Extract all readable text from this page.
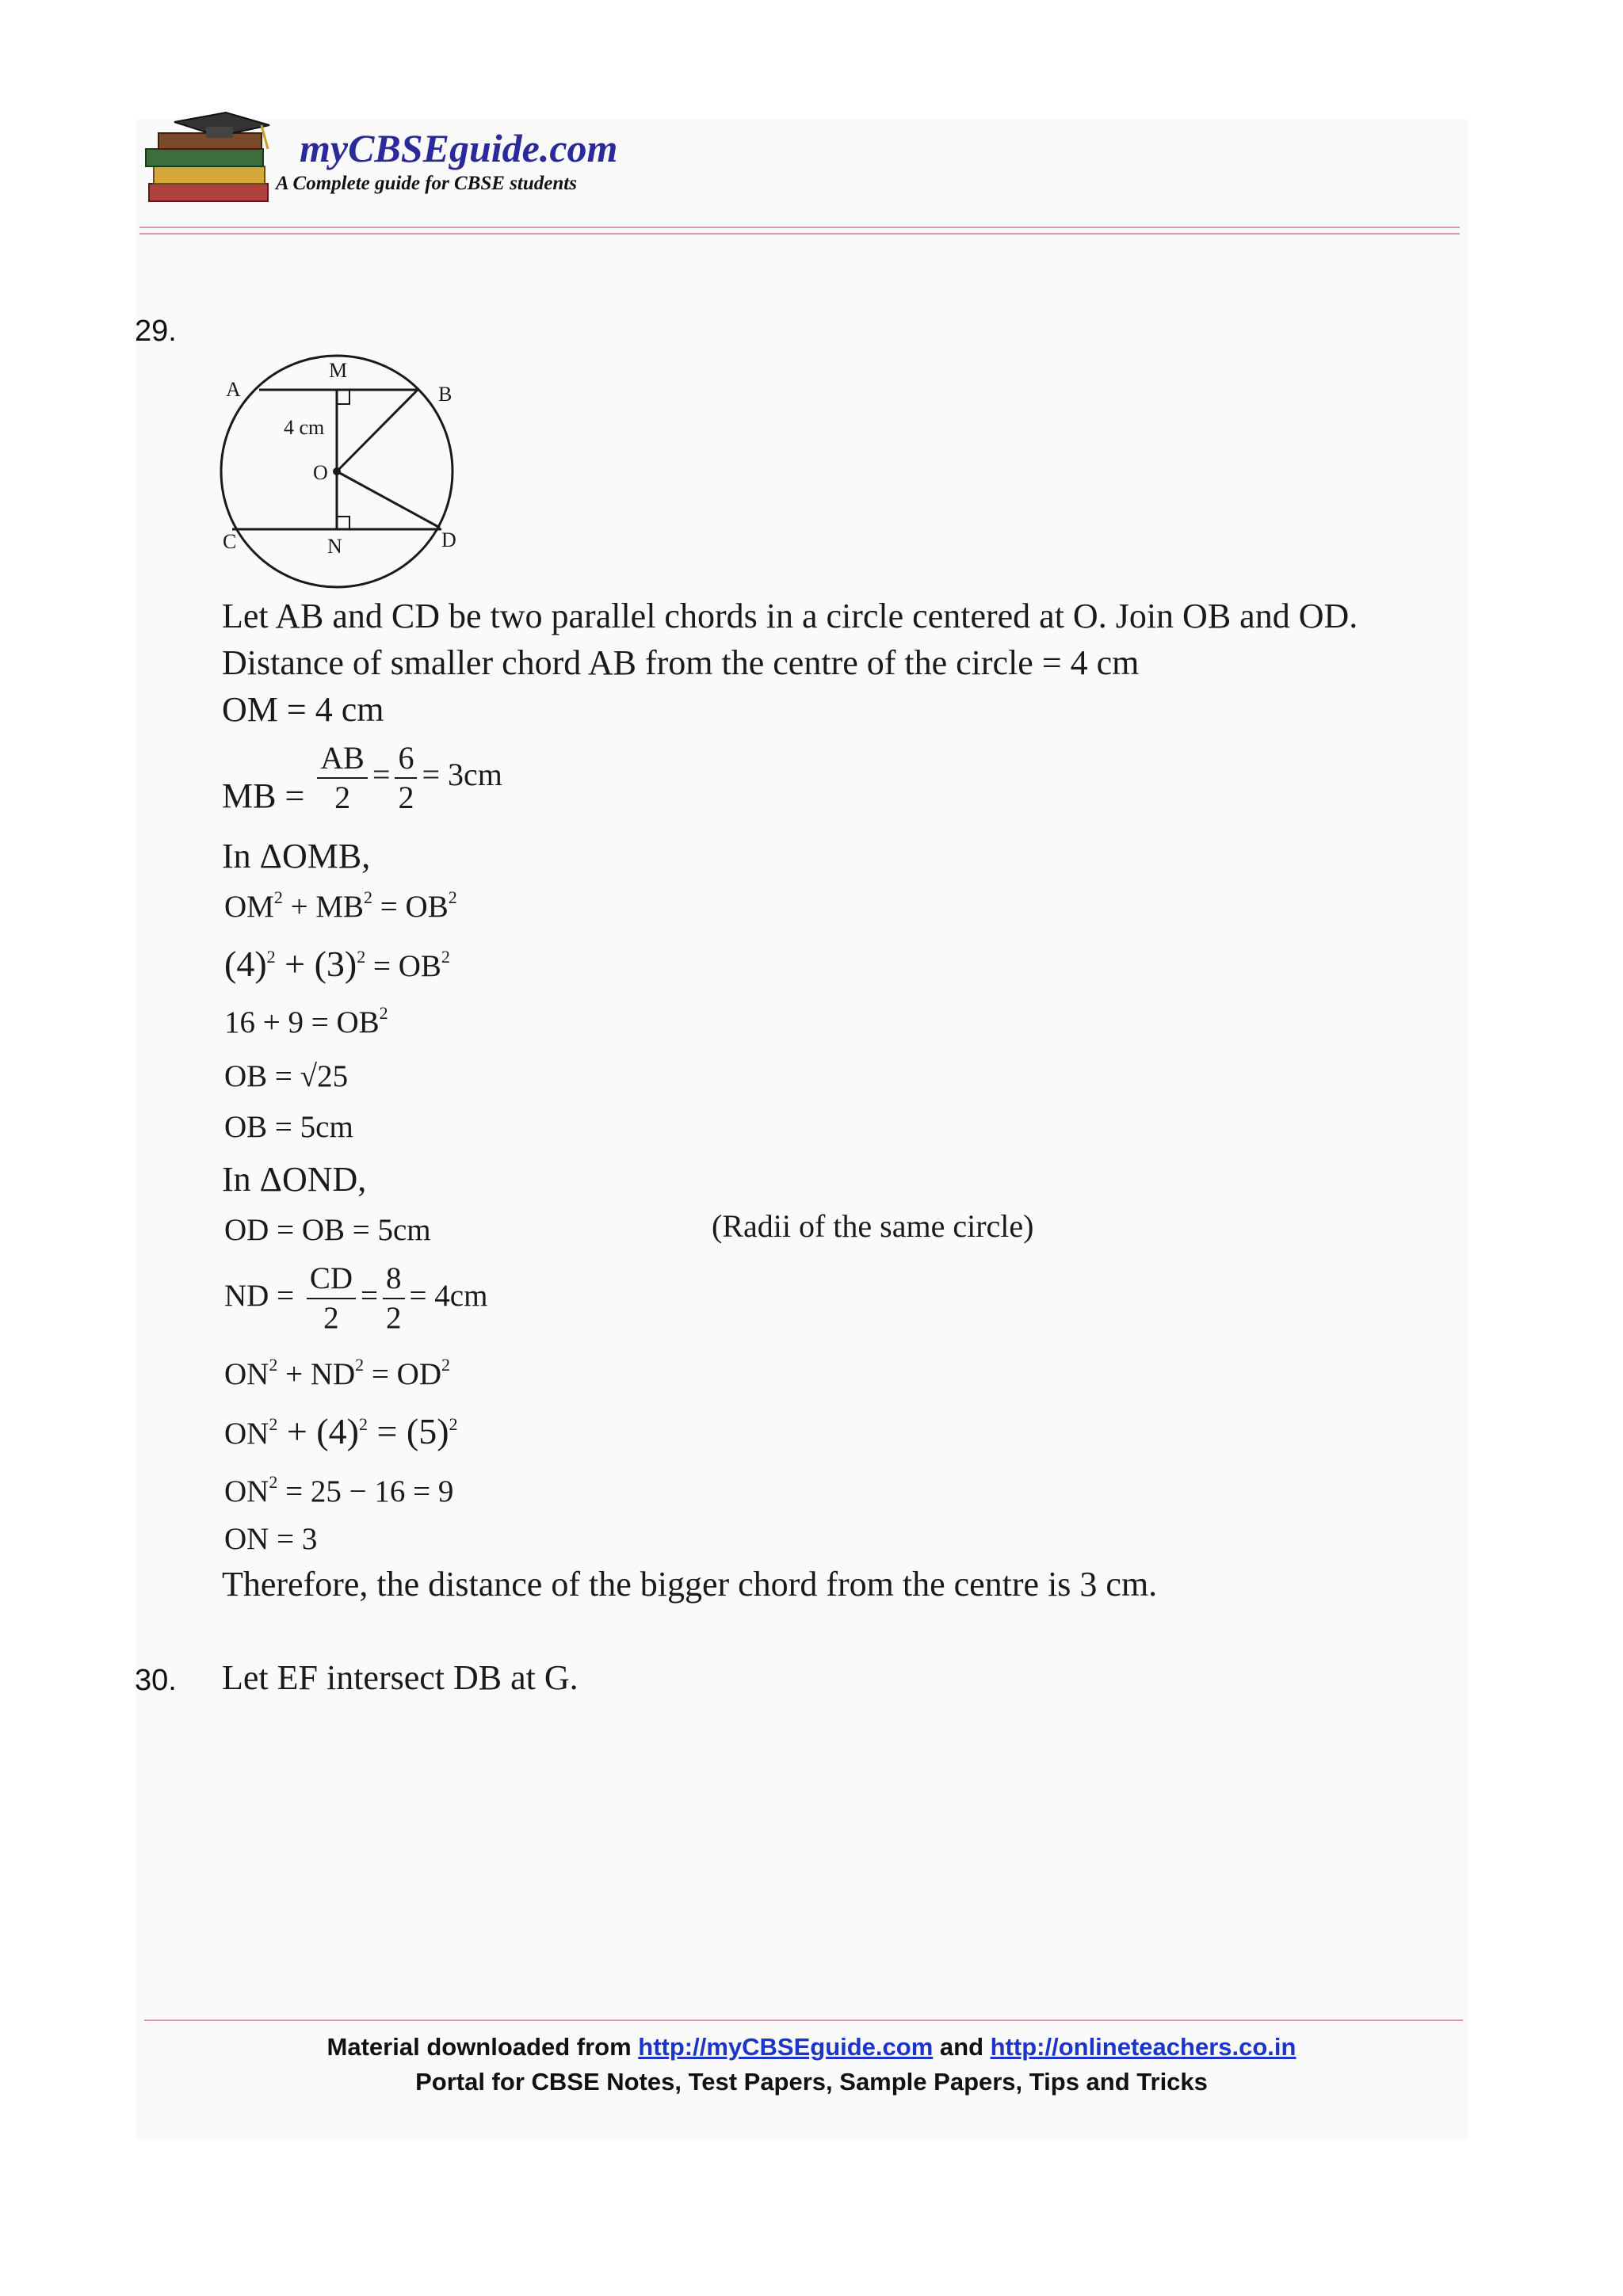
myCBSEguide.com
A Complete guide for CBSE students
29.
A
M
B
4 cm
O
C	N	D
Let AB and CD be two parallel chords in a circle centered at O. Join OB and OD.
Distance of smaller chord AB from the centre of the circle = 4 cm
OM = 4 cm
MB = $\frac{AB}{2} = \frac{6}{2} = 3cm$
In ΔOMB,
$OM^2 + MB^2 = OB^2$
$(4)^2 + (3)^2 = OB^2$
$16 + 9 = OB^2$
OB = √25
OB = 5cm
In ΔOND,
OD = OB = 5cm	(Radii of the same circle)
ND = $\frac{CD}{2} = \frac{8}{2} = 4cm$
$ON^2 + ND^2 = OD^2$
$ON^2 + (4)^2 = (5)^2$
$ON^2 = 25 - 16 = 9$
ON = 3
Therefore, the distance of the bigger chord from the centre is 3 cm.
30. Let EF intersect DB at G.
Material downloaded from http://myCBSEguide.com and http://onlineteachers.co.in
Portal for CBSE Notes, Test Papers, Sample Papers, Tips and Tricks
